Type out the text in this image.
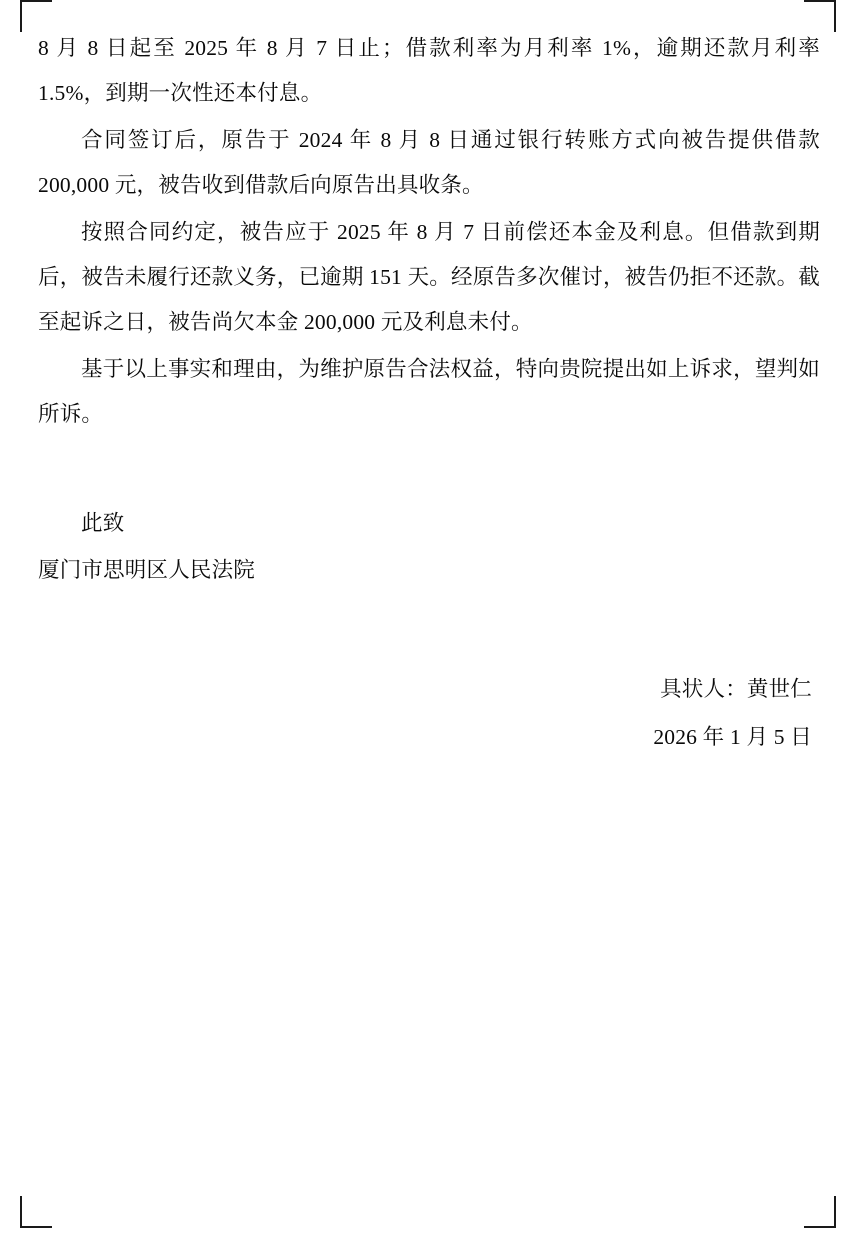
8 月 8 日起至 2025 年 8 月 7 日止；借款利率为月利率 1%，逾期还款月利率 1.5%，到期一次性还本付息。

合同签订后，原告于 2024 年 8 月 8 日通过银行转账方式向被告提供借款 200,000 元，被告收到借款后向原告出具收条。

按照合同约定，被告应于 2025 年 8 月 7 日前偿还本金及利息。但借款到期后，被告未履行还款义务，已逾期 151 天。经原告多次催讨，被告仍拒不还款。截至起诉之日，被告尚欠本金 200,000 元及利息未付。

基于以上事实和理由，为维护原告合法权益，特向贵院提出如上诉求，望判如所诉。

此致

厦门市思明区人民法院

具状人：黄世仁

2026 年 1 月 5 日
